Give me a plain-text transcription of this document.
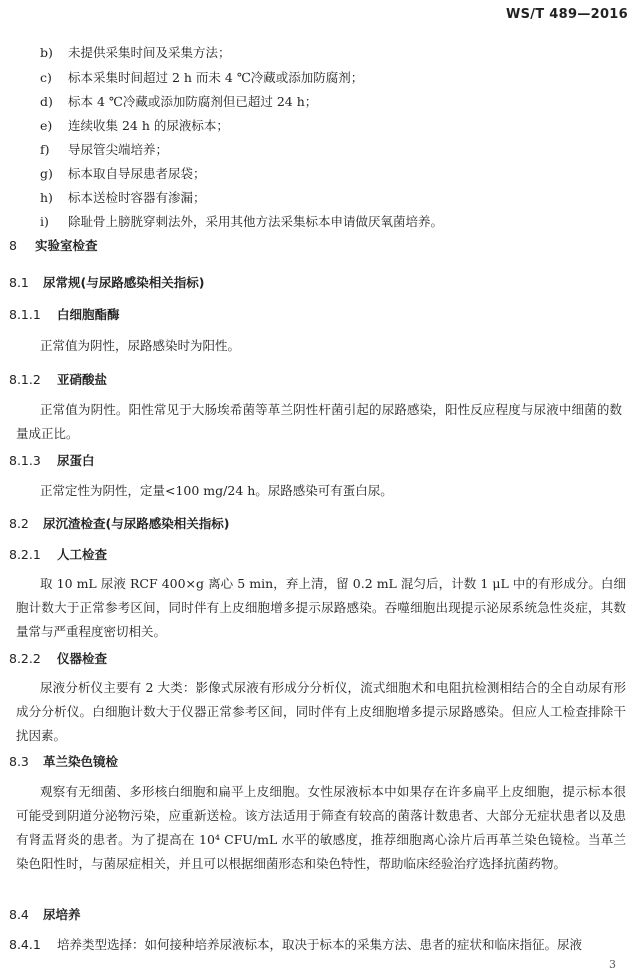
WS/T 489—2016
b) 未提供采集时间及采集方法；
c) 标本采集时间超过 2 h 而未 4 ℃冷藏或添加防腐剂；
d) 标本 4 ℃冷藏或添加防腐剂但已超过 24 h；
e) 连续收集 24 h 的尿液标本；
f) 导尿管尖端培养；
g) 标本取自导尿患者尿袋；
h) 标本送检时容器有渗漏；
i) 除耻骨上膀胱穿刺法外，采用其他方法采集标本申请做厌氧菌培养。
8 实验室检查
8.1 尿常规(与尿路感染相关指标)
8.1.1 白细胞酯酶
正常值为阴性，尿路感染时为阳性。
8.1.2 亚硝酸盐
正常值为阴性。阳性常见于大肠埃希菌等革兰阴性杆菌引起的尿路感染，阳性反应程度与尿液中细菌的数量成正比。
8.1.3 尿蛋白
正常定性为阴性，定量<100 mg/24 h。尿路感染可有蛋白尿。
8.2 尿沉渣检查(与尿路感染相关指标)
8.2.1 人工检查
取 10 mL 尿液 RCF 400×g 离心 5 min，弃上清，留 0.2 mL 混匀后，计数 1 μL 中的有形成分。白细胞计数大于正常参考区间，同时伴有上皮细胞增多提示尿路感染。吞噬细胞出现提示泌尿系统急性炎症，其数量常与严重程度密切相关。
8.2.2 仪器检查
尿液分析仪主要有 2 大类：影像式尿液有形成分分析仪，流式细胞术和电阻抗检测相结合的全自动尿有形成分分析仪。白细胞计数大于仪器正常参考区间，同时伴有上皮细胞增多提示尿路感染。但应人工检查排除干扰因素。
8.3 革兰染色镜检
观察有无细菌、多形核白细胞和扁平上皮细胞。女性尿液标本中如果存在许多扁平上皮细胞，提示标本很可能受到阴道分泌物污染，应重新送检。该方法适用于筛查有较高的菌落计数患者、大部分无症状患者以及患有肾盂肾炎的患者。为了提高在 10⁴ CFU/mL 水平的敏感度，推荐细胞离心涂片后再革兰染色镜检。当革兰染色阳性时，与菌尿症相关，并且可以根据细菌形态和染色特性，帮助临床经验治疗选择抗菌药物。
8.4 尿培养
8.4.1 培养类型选择：如何接种培养尿液标本，取决于标本的采集方法、患者的症状和临床指征。尿液
3
